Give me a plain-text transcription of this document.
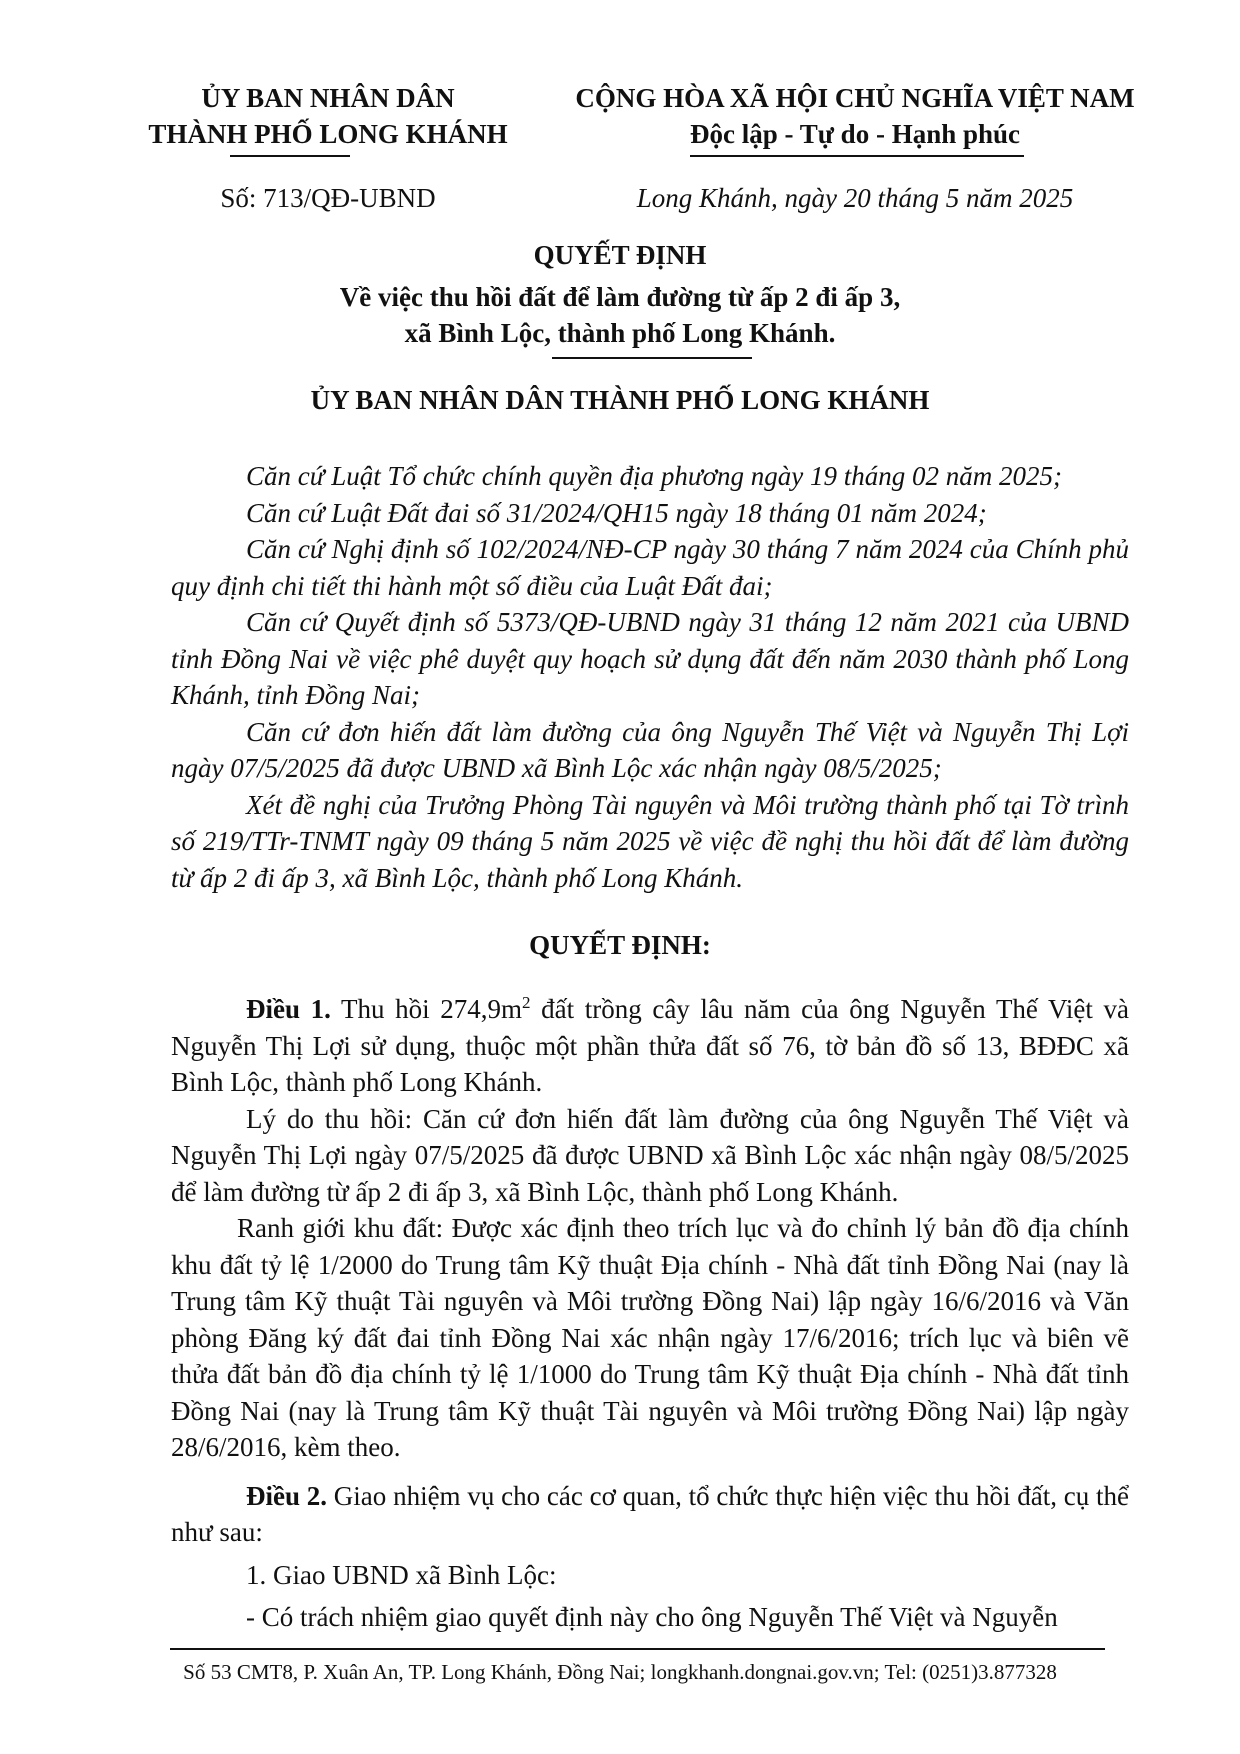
ỦY BAN NHÂN DÂN
THÀNH PHỐ LONG KHÁNH
CỘNG HÒA XÃ HỘI CHỦ NGHĨA VIỆT NAM
Độc lập - Tự do - Hạnh phúc
Số: 713/QĐ-UBND	Long Khánh, ngày 20 tháng 5 năm 2025
QUYẾT ĐỊNH
Về việc thu hồi đất để làm đường từ ấp 2 đi ấp 3,
xã Bình Lộc, thành phố Long Khánh.
ỦY BAN NHÂN DÂN THÀNH PHỐ LONG KHÁNH

Căn cứ Luật Tổ chức chính quyền địa phương ngày 19 tháng 02 năm 2025;

Căn cứ Luật Đất đai số 31/2024/QH15 ngày 18 tháng 01 năm 2024;

Căn cứ Nghị định số 102/2024/NĐ-CP ngày 30 tháng 7 năm 2024 của Chính phủ quy định chi tiết thi hành một số điều của Luật Đất đai;

Căn cứ Quyết định số 5373/QĐ-UBND ngày 31 tháng 12 năm 2021 của UBND tỉnh Đồng Nai về việc phê duyệt quy hoạch sử dụng đất đến năm 2030 thành phố Long Khánh, tỉnh Đồng Nai;

Căn cứ đơn hiến đất làm đường của ông Nguyễn Thế Việt và Nguyễn Thị Lợi ngày 07/5/2025 đã được UBND xã Bình Lộc xác nhận ngày 08/5/2025;

Xét đề nghị của Trưởng Phòng Tài nguyên và Môi trường thành phố tại Tờ trình số 219/TTr-TNMT ngày 09 tháng 5 năm 2025 về việc đề nghị thu hồi đất để làm đường từ ấp 2 đi ấp 3, xã Bình Lộc, thành phố Long Khánh.

QUYẾT ĐỊNH:

Điều 1. Thu hồi $274,9m^2$ đất trồng cây lâu năm của ông Nguyễn Thế Việt và Nguyễn Thị Lợi sử dụng, thuộc một phần thửa đất số 76, tờ bản đồ số 13, BĐĐC xã Bình Lộc, thành phố Long Khánh.

Lý do thu hồi: Căn cứ đơn hiến đất làm đường của ông Nguyễn Thế Việt và Nguyễn Thị Lợi ngày 07/5/2025 đã được UBND xã Bình Lộc xác nhận ngày 08/5/2025 để làm đường từ ấp 2 đi ấp 3, xã Bình Lộc, thành phố Long Khánh.

Ranh giới khu đất: Được xác định theo trích lục và đo chỉnh lý bản đồ địa chính khu đất tỷ lệ 1/2000 do Trung tâm Kỹ thuật Địa chính - Nhà đất tỉnh Đồng Nai (nay là Trung tâm Kỹ thuật Tài nguyên và Môi trường Đồng Nai) lập ngày 16/6/2016 và Văn phòng Đăng ký đất đai tỉnh Đồng Nai xác nhận ngày 17/6/2016; trích lục và biên vẽ thửa đất bản đồ địa chính tỷ lệ 1/1000 do Trung tâm Kỹ thuật Địa chính - Nhà đất tỉnh Đồng Nai (nay là Trung tâm Kỹ thuật Tài nguyên và Môi trường Đồng Nai) lập ngày 28/6/2016, kèm theo.

Điều 2. Giao nhiệm vụ cho các cơ quan, tổ chức thực hiện việc thu hồi đất, cụ thể như sau:

1. Giao UBND xã Bình Lộc:

- Có trách nhiệm giao quyết định này cho ông Nguyễn Thế Việt và Nguyễn

Số 53 CMT8, P. Xuân An, TP. Long Khánh, Đồng Nai; longkhanh.dongnai.gov.vn; Tel: (0251)3.877328
